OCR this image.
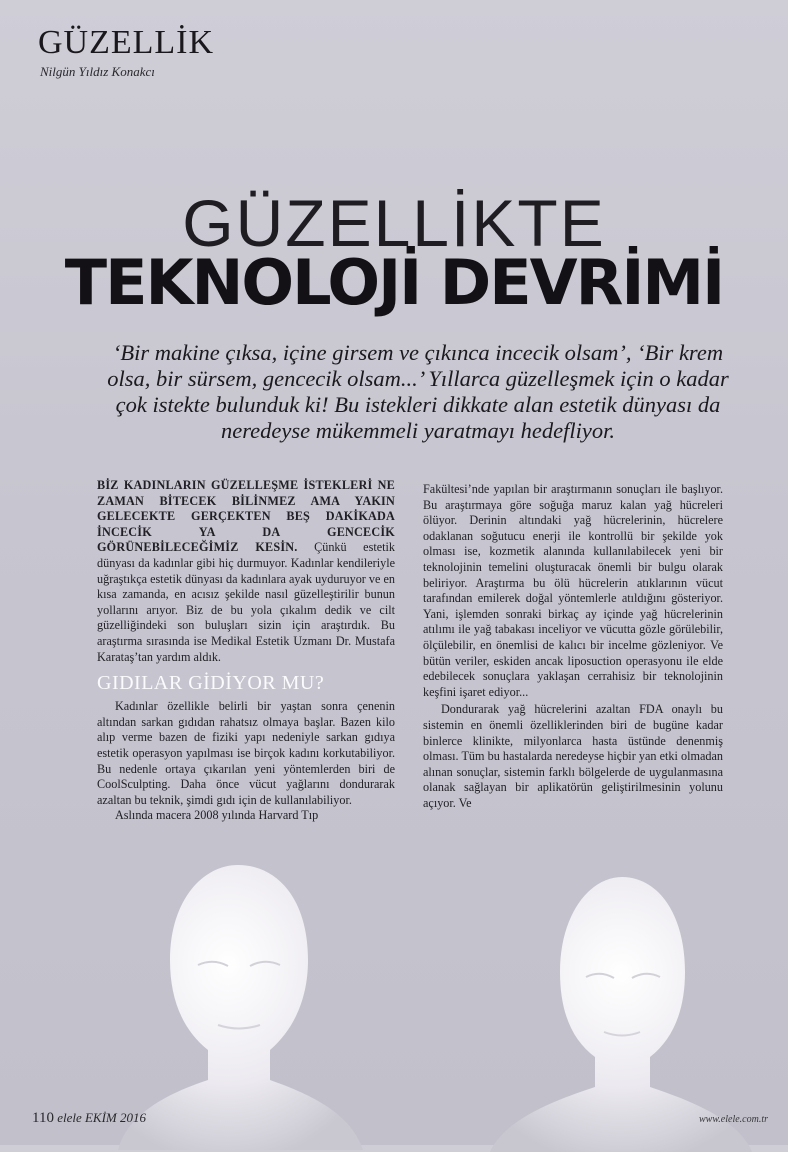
GÜZELLİK
Nilgün Yıldız Konakcı
GÜZELLİKTE
TEKNOLOJİ DEVRİMİ
‘Bir makine çıksa, içine girsem ve çıkınca incecik olsam’, ‘Bir krem olsa, bir sürsem, gencecik olsam...’ Yıllarca güzelleşmek için o kadar çok istekte bulunduk ki! Bu istekleri dikkate alan estetik dünyası da neredeyse mükemmeli yaratmayı hedefliyor.

BİZ KADINLARIN GÜZELLEŞME İSTEKLERİ NE ZAMAN BİTECEK BİLİNMEZ AMA YAKIN GELECEKTE GERÇEKTEN BEŞ DAKİKADA İNCECİK YA DA GENCECİK GÖRÜNEBİLECEĞİMİZ KESİN. Çünkü estetik dünyası da kadınlar gibi hiç durmuyor. Kadınlar kendileriyle uğraştıkça estetik dünyası da kadınlara ayak uyduruyor ve en kısa zamanda, en acısız şekilde nasıl güzelleştirilir bunun yollarını arıyor. Biz de bu yola çıkalım dedik ve cilt güzelliğindeki son buluşları sizin için araştırdık. Bu araştırma sırasında ise Medikal Estetik Uzmanı Dr. Mustafa Karataş’tan yardım aldık.

GIDILAR GİDİYOR MU?

Kadınlar özellikle belirli bir yaştan sonra çenenin altından sarkan gıdıdan rahatsız olmaya başlar. Bazen kilo alıp verme bazen de fiziki yapı nedeniyle sarkan gıdıya estetik operasyon yapılması ise birçok kadını korkutabiliyor. Bu nedenle ortaya çıkarılan yeni yöntemlerden biri de CoolSculpting. Daha önce vücut yağlarını dondurarak azaltan bu teknik, şimdi gıdı için de kullanılabiliyor.

Aslında macera 2008 yılında Harvard Tıp

Fakültesi’nde yapılan bir araştırmanın sonuçları ile başlıyor. Bu araştırmaya göre soğuğa maruz kalan yağ hücreleri ölüyor. Derinin altındaki yağ hücrelerinin, hücrelere odaklanan soğutucu enerji ile kontrollü bir şekilde yok olması ise, kozmetik alanında kullanılabilecek yeni bir teknolojinin temelini oluşturacak önemli bir bulgu olarak beliriyor. Araştırma bu ölü hücrelerin atıklarının vücut tarafından emilerek doğal yöntemlerle atıldığını gösteriyor. Yani, işlemden sonraki birkaç ay içinde yağ hücrelerinin atılımı ile yağ tabakası inceliyor ve vücutta gözle görülebilir, ölçülebilir, en önemlisi de kalıcı bir incelme gözleniyor. Ve bütün veriler, eskiden ancak liposuction operasyonu ile elde edebilecek sonuçlara yaklaşan cerrahisiz bir teknolojinin keşfini işaret ediyor...

Dondurarak yağ hücrelerini azaltan FDA onaylı bu sistemin en önemli özelliklerinden biri de bugüne kadar binlerce klinikte, milyonlarca hasta üstünde denenmiş olması. Tüm bu hastalarda neredeyse hiçbir yan etki olmadan alınan sonuçlar, sistemin farklı bölgelerde de uygulanmasına olanak sağlayan bir aplikatörün geliştirilmesinin yolunu açıyor. Ve

110 elele EKİM 2016	www.elele.com.tr
